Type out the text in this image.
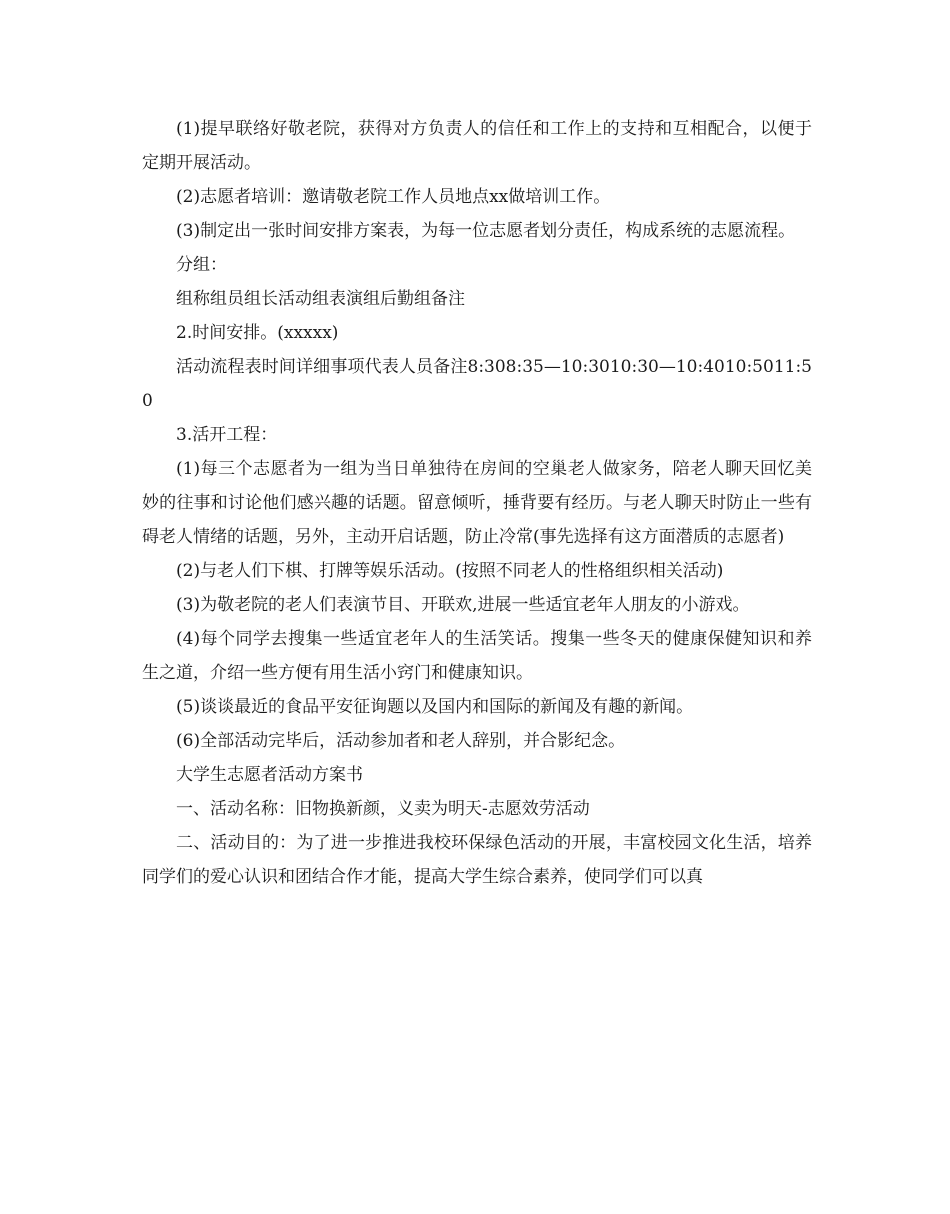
(1)提早联络好敬老院，获得对方负责人的信任和工作上的支持和互相配合，以便于定期开展活动。

(2)志愿者培训：邀请敬老院工作人员地点xx做培训工作。

(3)制定出一张时间安排方案表，为每一位志愿者划分责任，构成系统的志愿流程。

分组：

组称组员组长活动组表演组后勤组备注

2.时间安排。(xxxxx)

活动流程表时间详细事项代表人员备注8:308:35—10:3010:30—10:4010:5011:50

3.活开工程：

(1)每三个志愿者为一组为当日单独待在房间的空巢老人做家务，陪老人聊天回忆美妙的往事和讨论他们感兴趣的话题。留意倾听，捶背要有经历。与老人聊天时防止一些有碍老人情绪的话题，另外，主动开启话题，防止冷常(事先选择有这方面潜质的志愿者)

(2)与老人们下棋、打牌等娱乐活动。(按照不同老人的性格组织相关活动)

(3)为敬老院的老人们表演节目、开联欢,进展一些适宜老年人朋友的小游戏。

(4)每个同学去搜集一些适宜老年人的生活笑话。搜集一些冬天的健康保健知识和养生之道，介绍一些方便有用生活小窍门和健康知识。

(5)谈谈最近的食品平安征询题以及国内和国际的新闻及有趣的新闻。

(6)全部活动完毕后，活动参加者和老人辞别，并合影纪念。

大学生志愿者活动方案书

一、活动名称：旧物换新颜，义卖为明天-志愿效劳活动

二、活动目的：为了进一步推进我校环保绿色活动的开展，丰富校园文化生活，培养同学们的爱心认识和团结合作才能，提高大学生综合素养，使同学们可以真
